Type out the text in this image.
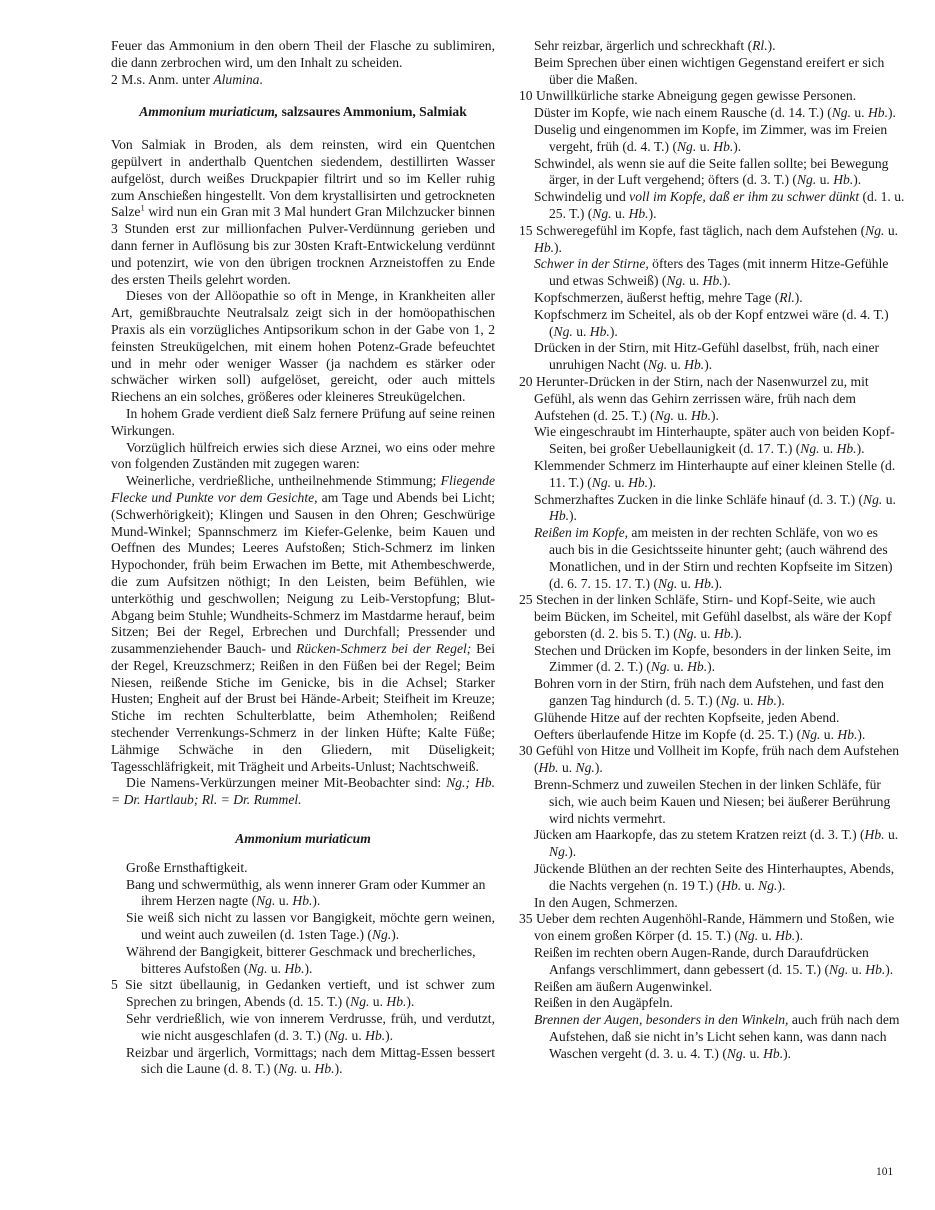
Feuer das Ammonium in den obern Theil der Flasche zu sublimiren, die dann zerbrochen wird, um den Inhalt zu scheiden.

2 M.s. Anm. unter Alumina.

Ammonium muriaticum, salzsaures Ammonium, Salmiak

Von Salmiak in Broden, als dem reinsten, wird ein Quentchen gepülvert in anderthalb Quentchen siedendem, destillirten Wasser aufgelöst, durch weißes Druckpapier filtrirt und so im Keller ruhig zum Anschießen hingestellt. Von dem krystallisirten und getrockneten Salze$^1$ wird nun ein Gran mit 3 Mal hundert Gran Milchzucker binnen 3 Stunden erst zur millionfachen Pulver-Verdünnung gerieben und dann ferner in Auflösung bis zur 30sten Kraft-Entwickelung verdünnt und potenzirt, wie von den übrigen trocknen Arzneistoffen zu Ende des ersten Theils gelehrt worden.

Dieses von der Allöopathie so oft in Menge, in Krankheiten aller Art, gemißbrauchte Neutralsalz zeigt sich in der homöopathischen Praxis als ein vorzügliches Antipsorikum schon in der Gabe von 1, 2 feinsten Streukügelchen, mit einem hohen Potenz-Grade befeuchtet und in mehr oder weniger Wasser (ja nachdem es stärker oder schwächer wirken soll) aufgelöset, gereicht, oder auch mittels Riechens an ein solches, größeres oder kleineres Streukügelchen.

In hohem Grade verdient dieß Salz fernere Prüfung auf seine reinen Wirkungen.

Vorzüglich hülfreich erwies sich diese Arznei, wo eins oder mehre von folgenden Zuständen mit zugegen waren:

Weinerliche, verdrießliche, untheilnehmende Stimmung; Fliegende Flecke und Punkte vor dem Gesichte, am Tage und Abends bei Licht; (Schwerhörigkeit); Klingen und Sausen in den Ohren; Geschwürige Mund-Winkel; Spannschmerz im Kiefer-Gelenke, beim Kauen und Oeffnen des Mundes; Leeres Aufstoßen; Stich-Schmerz im linken Hypochonder, früh beim Erwachen im Bette, mit Athembeschwerde, die zum Aufsitzen nöthigt; In den Leisten, beim Befühlen, wie unterköthig und geschwollen; Neigung zu Leib-Verstopfung; Blut-Abgang beim Stuhle; Wundheits-Schmerz im Mastdarme herauf, beim Sitzen; Bei der Regel, Erbrechen und Durchfall; Pressender und zusammenziehender Bauch- und Rücken-Schmerz bei der Regel; Bei der Regel, Kreuzschmerz; Reißen in den Füßen bei der Regel; Beim Niesen, reißende Stiche im Genicke, bis in die Achsel; Starker Husten; Engheit auf der Brust bei Hände-Arbeit; Steifheit im Kreuze; Stiche im rechten Schulterblatte, beim Athemholen; Reißend stechender Verrenkungs-Schmerz in der linken Hüfte; Kalte Füße; Lähmige Schwäche in den Gliedern, mit Düseligkeit; Tagesschläfrigkeit, mit Trägheit und Arbeits-Unlust; Nachtschweiß.

Die Namens-Verkürzungen meiner Mit-Beobachter sind: Ng.; Hb. = Dr. Hartlaub; Rl. = Dr. Rummel.

Ammonium muriaticum

Große Ernsthaftigkeit.

Bang und schwermüthig, als wenn innerer Gram oder Kummer an ihrem Herzen nagte (Ng. u. Hb.).

Sie weiß sich nicht zu lassen vor Bangigkeit, möchte gern weinen, und weint auch zuweilen (d. 1sten Tage.) (Ng.).

Während der Bangigkeit, bitterer Geschmack und brecherliches, bitteres Aufstoßen (Ng. u. Hb.).

5 Sie sitzt übellaunig, in Gedanken vertieft, und ist schwer zum Sprechen zu bringen, Abends (d. 15. T.) (Ng. u. Hb.).

Sehr verdrießlich, wie von innerem Verdrusse, früh, und verdutzt, wie nicht ausgeschlafen (d. 3. T.) (Ng. u. Hb.).

Reizbar und ärgerlich, Vormittags; nach dem Mittag-Essen bessert sich die Laune (d. 8. T.) (Ng. u. Hb.).

Sehr reizbar, ärgerlich und schreckhaft (Rl.).

Beim Sprechen über einen wichtigen Gegenstand ereifert er sich über die Maßen.

10 Unwillkürliche starke Abneigung gegen gewisse Personen.

Düster im Kopfe, wie nach einem Rausche (d. 14. T.) (Ng. u. Hb.).

Duselig und eingenommen im Kopfe, im Zimmer, was im Freien vergeht, früh (d. 4. T.) (Ng. u. Hb.).

Schwindel, als wenn sie auf die Seite fallen sollte; bei Bewegung ärger, in der Luft vergehend; öfters (d. 3. T.) (Ng. u. Hb.).

Schwindelig und voll im Kopfe, daß er ihm zu schwer dünkt (d. 1. u. 25. T.) (Ng. u. Hb.).

15 Schweregefühl im Kopfe, fast täglich, nach dem Aufstehen (Ng. u. Hb.).

Schwer in der Stirne, öfters des Tages (mit innerm Hitze-Gefühle und etwas Schweiß) (Ng. u. Hb.).

Kopfschmerzen, äußerst heftig, mehre Tage (Rl.).

Kopfschmerz im Scheitel, als ob der Kopf entzwei wäre (d. 4. T.) (Ng. u. Hb.).

Drücken in der Stirn, mit Hitz-Gefühl daselbst, früh, nach einer unruhigen Nacht (Ng. u. Hb.).

20 Herunter-Drücken in der Stirn, nach der Nasenwurzel zu, mit Gefühl, als wenn das Gehirn zerrissen wäre, früh nach dem Aufstehen (d. 25. T.) (Ng. u. Hb.).

Wie eingeschraubt im Hinterhaupte, später auch von beiden Kopf-Seiten, bei großer Uebellaunigkeit (d. 17. T.) (Ng. u. Hb.).

Klemmender Schmerz im Hinterhaupte auf einer kleinen Stelle (d. 11. T.) (Ng. u. Hb.).

Schmerzhaftes Zucken in die linke Schläfe hinauf (d. 3. T.) (Ng. u. Hb.).

Reißen im Kopfe, am meisten in der rechten Schläfe, von wo es auch bis in die Gesichtsseite hinunter geht; (auch während des Monatlichen, und in der Stirn und rechten Kopfseite im Sitzen) (d. 6. 7. 15. 17. T.) (Ng. u. Hb.).

25 Stechen in der linken Schläfe, Stirn- und Kopf-Seite, wie auch beim Bücken, im Scheitel, mit Gefühl daselbst, als wäre der Kopf geborsten (d. 2. bis 5. T.) (Ng. u. Hb.).

Stechen und Drücken im Kopfe, besonders in der linken Seite, im Zimmer (d. 2. T.) (Ng. u. Hb.).

Bohren vorn in der Stirn, früh nach dem Aufstehen, und fast den ganzen Tag hindurch (d. 5. T.) (Ng. u. Hb.).

Glühende Hitze auf der rechten Kopfseite, jeden Abend.

Oefters überlaufende Hitze im Kopfe (d. 25. T.) (Ng. u. Hb.).

30 Gefühl von Hitze und Vollheit im Kopfe, früh nach dem Aufstehen (Hb. u. Ng.).

Brenn-Schmerz und zuweilen Stechen in der linken Schläfe, für sich, wie auch beim Kauen und Niesen; bei äußerer Berührung wird nichts vermehrt.

Jücken am Haarkopfe, das zu stetem Kratzen reizt (d. 3. T.) (Hb. u. Ng.).

Jückende Blüthen an der rechten Seite des Hinterhauptes, Abends, die Nachts vergehen (n. 19 T.) (Hb. u. Ng.).

In den Augen, Schmerzen.

35 Ueber dem rechten Augenhöhl-Rande, Hämmern und Stoßen, wie von einem großen Körper (d. 15. T.) (Ng. u. Hb.).

Reißen im rechten obern Augen-Rande, durch Daraufdrücken Anfangs verschlimmert, dann gebessert (d. 15. T.) (Ng. u. Hb.).

Reißen am äußern Augenwinkel.

Reißen in den Augäpfeln.

Brennen der Augen, besonders in den Winkeln, auch früh nach dem Aufstehen, daß sie nicht in’s Licht sehen kann, was dann nach Waschen vergeht (d. 3. u. 4. T.) (Ng. u. Hb.).

101
